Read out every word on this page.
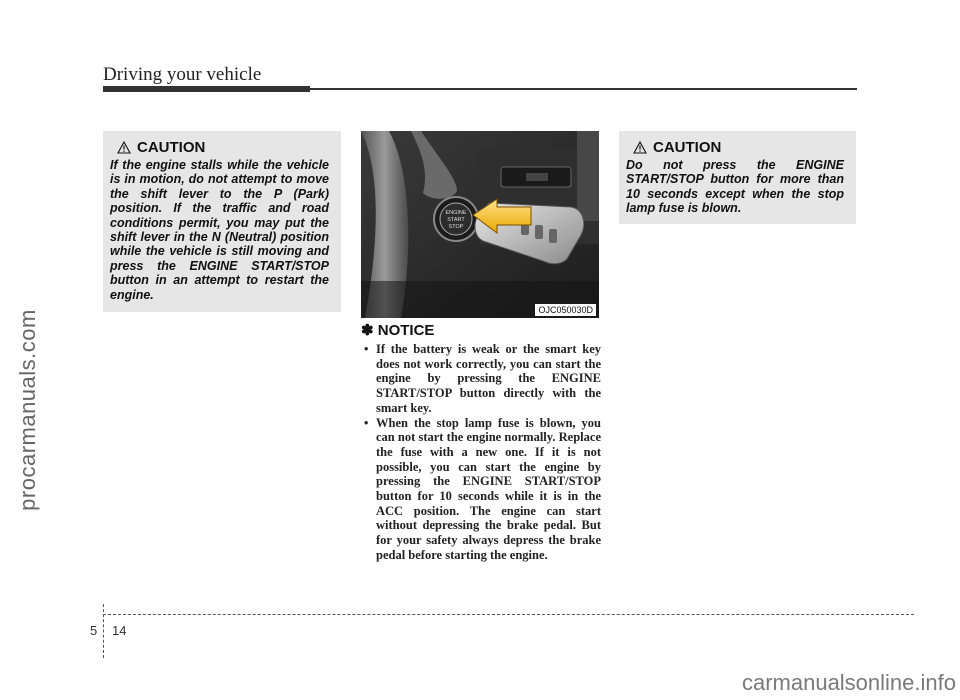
Driving your vehicle
procarmanuals.com
CAUTION
If the engine stalls while the vehicle is in motion, do not attempt to move the shift lever to the P (Park) position. If the traffic and road conditions permit, you may put the shift lever in the N (Neutral) position while the vehicle is still moving and press the ENGINE START/STOP button in an attempt to restart the engine.
ENGINE
START
STOP
OJC050030D
✽ NOTICE
• If the battery is weak or the smart key does not work correctly, you can start the engine by pressing the ENGINE START/STOP button directly with the smart key.
• When the stop lamp fuse is blown, you can not start the engine normally. Replace the fuse with a new one. If it is not possible, you can start the engine by pressing the ENGINE START/STOP button for 10 seconds while it is in the ACC position. The engine can start without depressing the brake pedal. But for your safety always depress the brake pedal before starting the engine.
CAUTION
Do not press the ENGINE START/STOP button for more than 10 seconds except when the stop lamp fuse is blown.
5 14
carmanualsonline.info
